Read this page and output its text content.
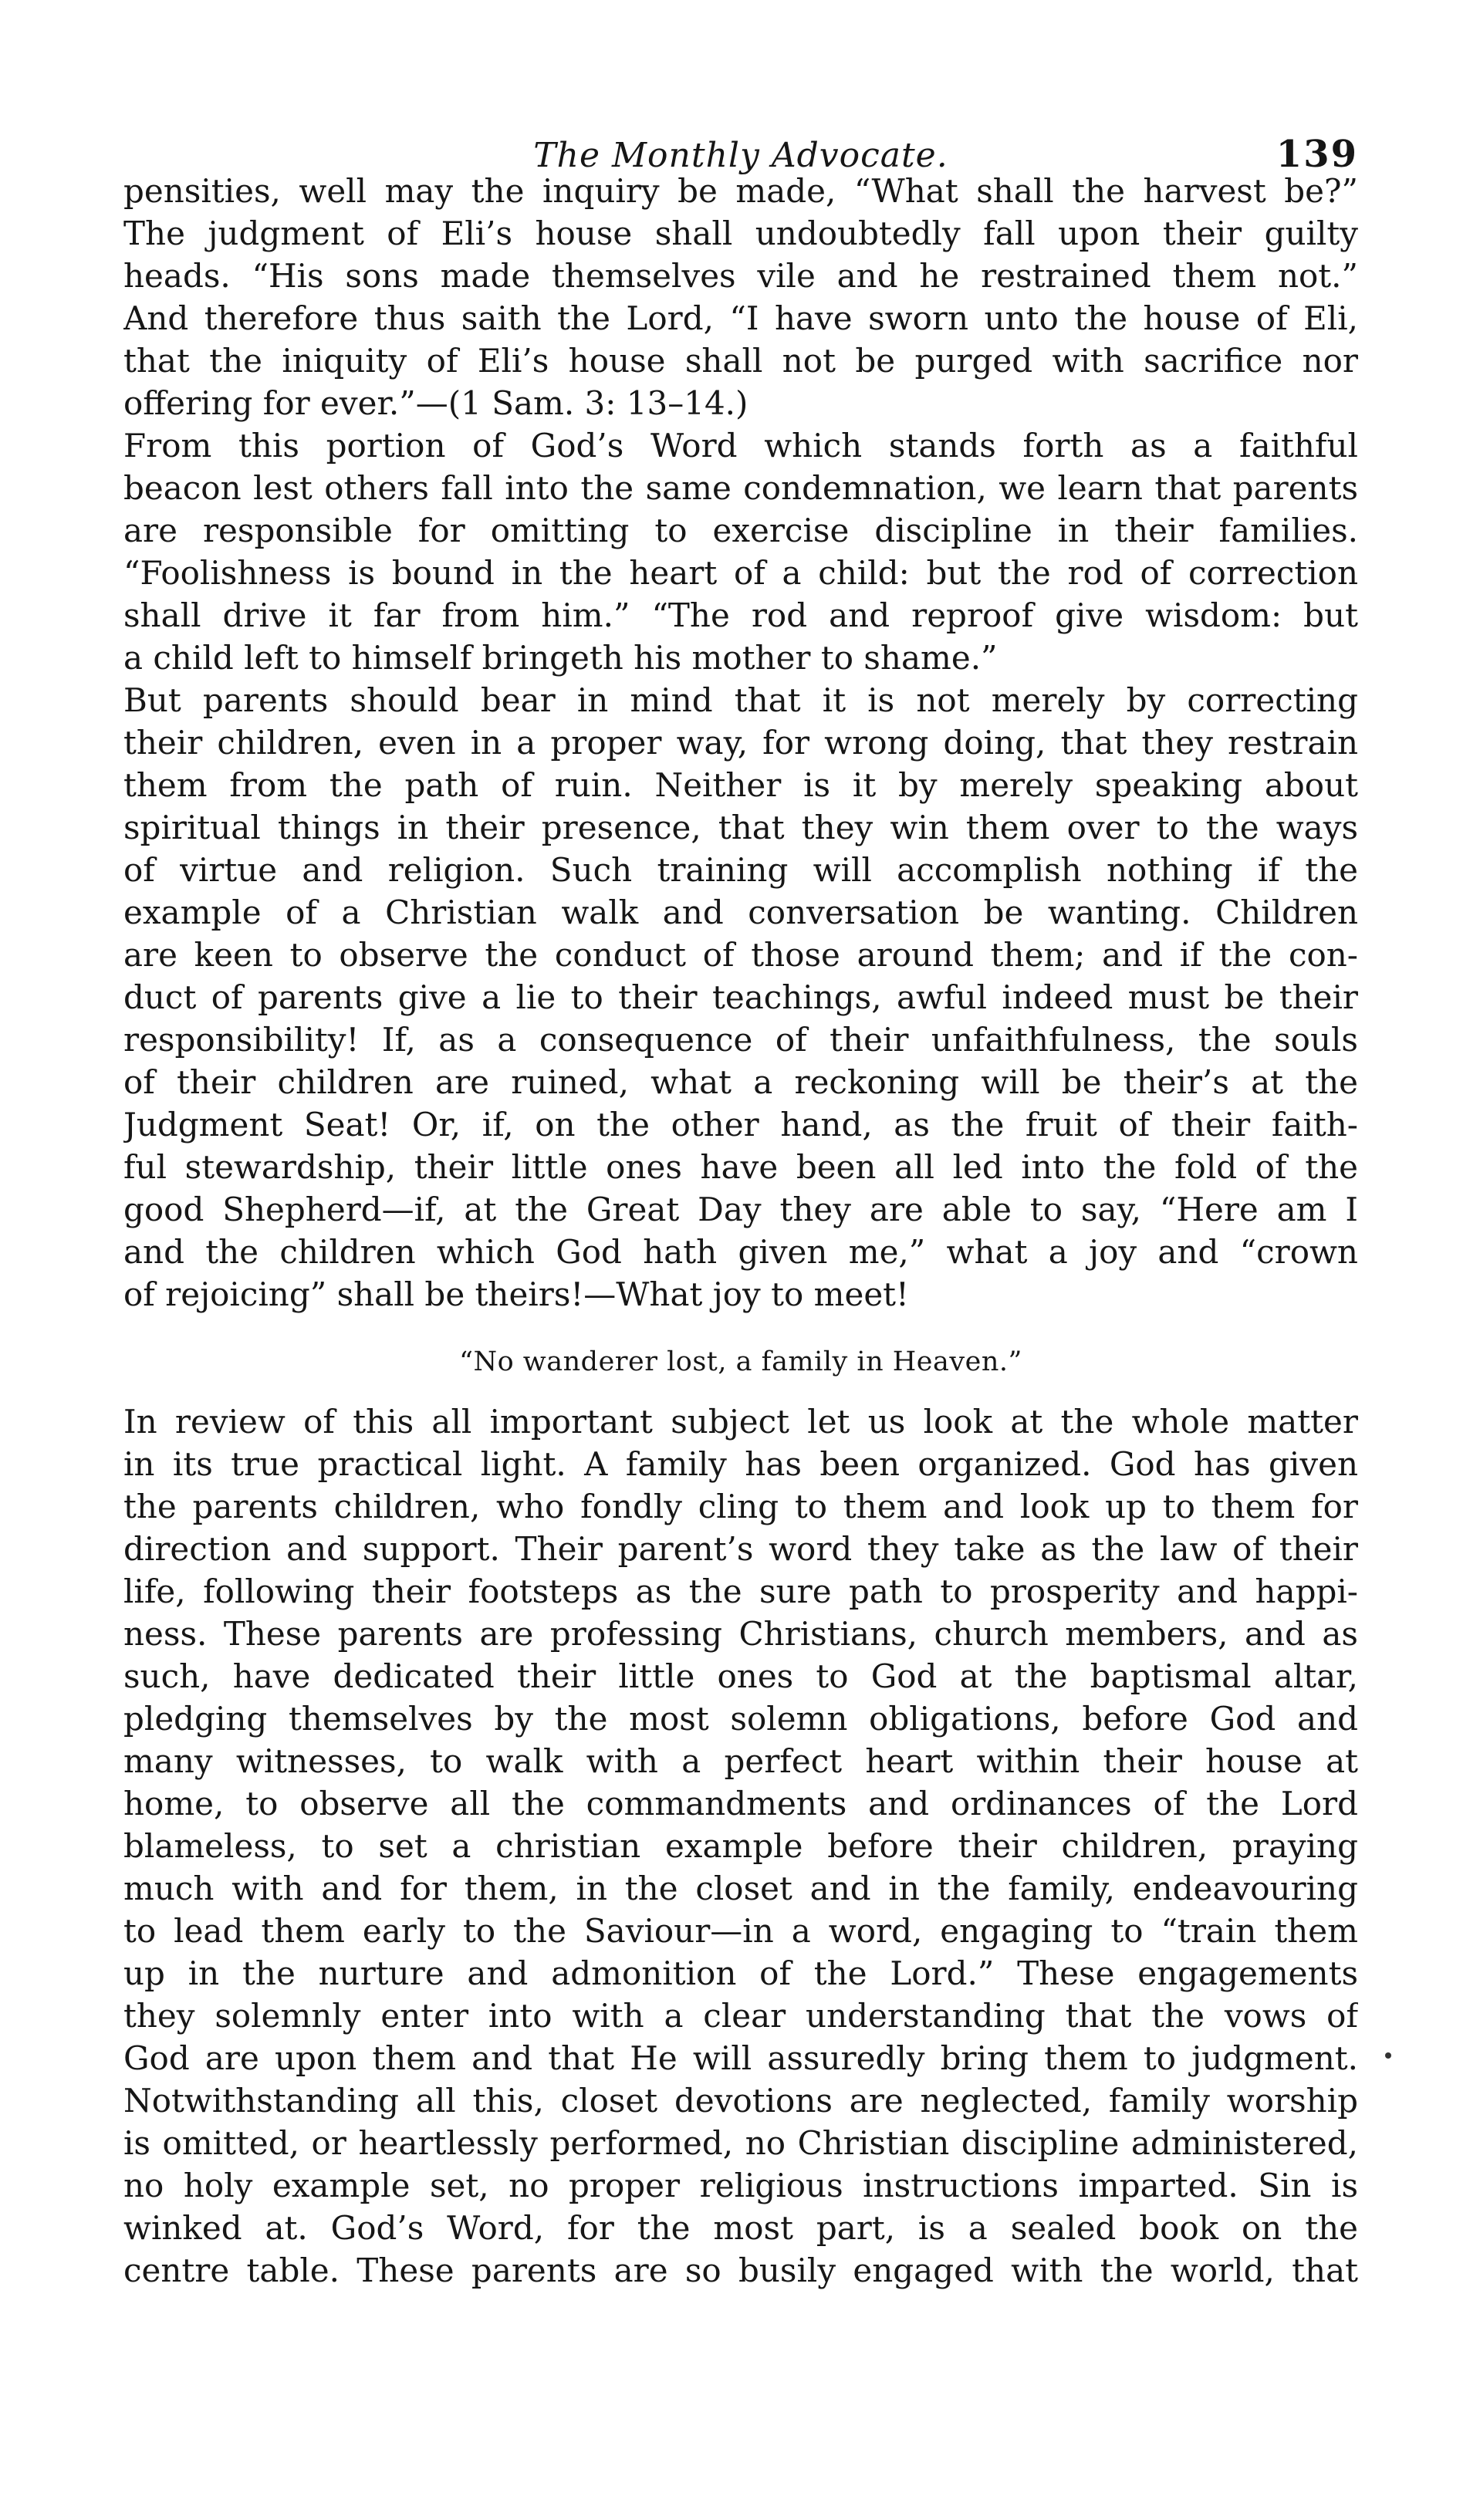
The Monthly Advocate.	139
pensities, well may the inquiry be made, “What shall the harvest be?”
The judgment of Eli’s house shall undoubtedly fall upon their guilty
heads. “His sons made themselves vile and he restrained them not.”
And therefore thus saith the Lord, “I have sworn unto the house of Eli,
that the iniquity of Eli’s house shall not be purged with sacrifice nor
offering for ever.”—(1 Sam. 3: 13–14.)
From this portion of God’s Word which stands forth as a faithful
beacon lest others fall into the same condemnation, we learn that parents
are responsible for omitting to exercise discipline in their families.
“Foolishness is bound in the heart of a child: but the rod of correction
shall drive it far from him.” “The rod and reproof give wisdom: but
a child left to himself bringeth his mother to shame.”
But parents should bear in mind that it is not merely by correcting
their children, even in a proper way, for wrong doing, that they restrain
them from the path of ruin. Neither is it by merely speaking about
spiritual things in their presence, that they win them over to the ways
of virtue and religion. Such training will accomplish nothing if the
example of a Christian walk and conversation be wanting. Children
are keen to observe the conduct of those around them; and if the con-
duct of parents give a lie to their teachings, awful indeed must be their
responsibility! If, as a consequence of their unfaithfulness, the souls
of their children are ruined, what a reckoning will be their’s at the
Judgment Seat! Or, if, on the other hand, as the fruit of their faith-
ful stewardship, their little ones have been all led into the fold of the
good Shepherd—if, at the Great Day they are able to say, “Here am I
and the children which God hath given me,” what a joy and “crown
of rejoicing” shall be theirs!—What joy to meet!
“No wanderer lost, a family in Heaven.”
In review of this all important subject let us look at the whole matter
in its true practical light. A family has been organized. God has given
the parents children, who fondly cling to them and look up to them for
direction and support. Their parent’s word they take as the law of their
life, following their footsteps as the sure path to prosperity and happi-
ness. These parents are professing Christians, church members, and as
such, have dedicated their little ones to God at the baptismal altar,
pledging themselves by the most solemn obligations, before God and
many witnesses, to walk with a perfect heart within their house at
home, to observe all the commandments and ordinances of the Lord
blameless, to set a christian example before their children, praying
much with and for them, in the closet and in the family, endeavouring
to lead them early to the Saviour—in a word, engaging to “train them
up in the nurture and admonition of the Lord.” These engagements
they solemnly enter into with a clear understanding that the vows of
God are upon them and that He will assuredly bring them to judgment.
Notwithstanding all this, closet devotions are neglected, family worship
is omitted, or heartlessly performed, no Christian discipline administered,
no holy example set, no proper religious instructions imparted. Sin is
winked at. God’s Word, for the most part, is a sealed book on the
centre table. These parents are so busily engaged with the world, that
